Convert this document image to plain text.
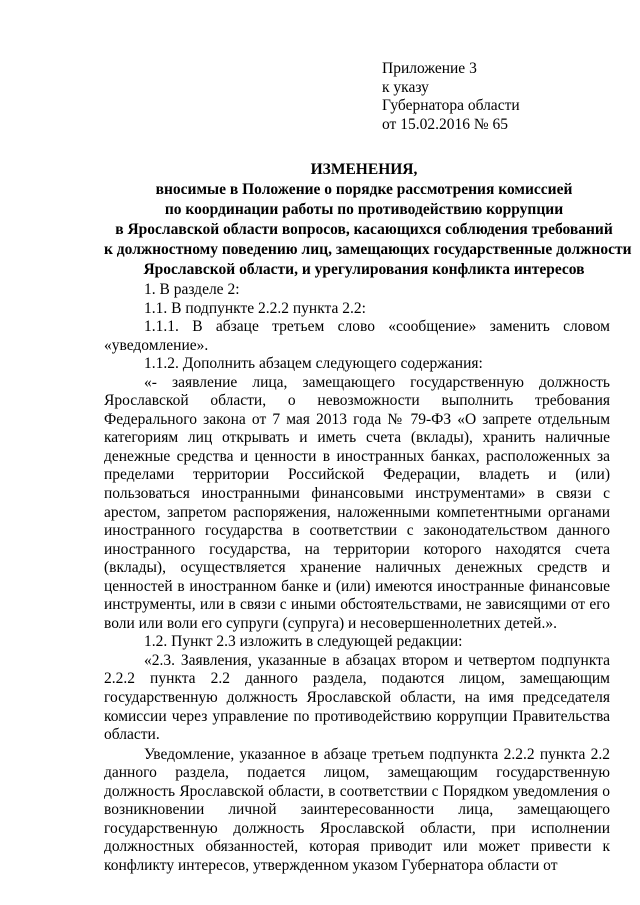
Приложение 3
к указу
Губернатора области
от 15.02.2016 № 65
ИЗМЕНЕНИЯ,
вносимые в Положение о порядке рассмотрения комиссией
по координации работы по противодействию коррупции
в Ярославской области вопросов, касающихся соблюдения требований
к должностному поведению лиц, замещающих государственные должности
Ярославской области, и урегулирования конфликта интересов

1. В разделе 2:

1.1. В подпункте 2.2.2 пункта 2.2:

1.1.1. В абзаце третьем слово «сообщение» заменить словом «уведомление».

1.1.2. Дополнить абзацем следующего содержания:

«- заявление лица, замещающего государственную должность Ярославской области, о невозможности выполнить требования Федерального закона от 7 мая 2013 года № 79-ФЗ «О запрете отдельным категориям лиц открывать и иметь счета (вклады), хранить наличные денежные средства и ценности в иностранных банках, расположенных за пределами территории Российской Федерации, владеть и (или) пользоваться иностранными финансовыми инструментами» в связи с арестом, запретом распоряжения, наложенными компетентными органами иностранного государства в соответствии с законодательством данного иностранного государства, на территории которого находятся счета (вклады), осуществляется хранение наличных денежных средств и ценностей в иностранном банке и (или) имеются иностранные финансовые инструменты, или в связи с иными обстоятельствами, не зависящими от его воли или воли его супруги (супруга) и несовершеннолетних детей.».

1.2. Пункт 2.3 изложить в следующей редакции:

«2.3. Заявления, указанные в абзацах втором и четвертом подпункта 2.2.2 пункта 2.2 данного раздела, подаются лицом, замещающим государственную должность Ярославской области, на имя председателя комиссии через управление по противодействию коррупции Правительства области.

Уведомление, указанное в абзаце третьем подпункта 2.2.2 пункта 2.2 данного раздела, подается лицом, замещающим государственную должность Ярославской области, в соответствии с Порядком уведомления о возникновении личной заинтересованности лица, замещающего государственную должность Ярославской области, при исполнении должностных обязанностей, которая приводит или может привести к конфликту интересов, утвержденном указом Губернатора области от
